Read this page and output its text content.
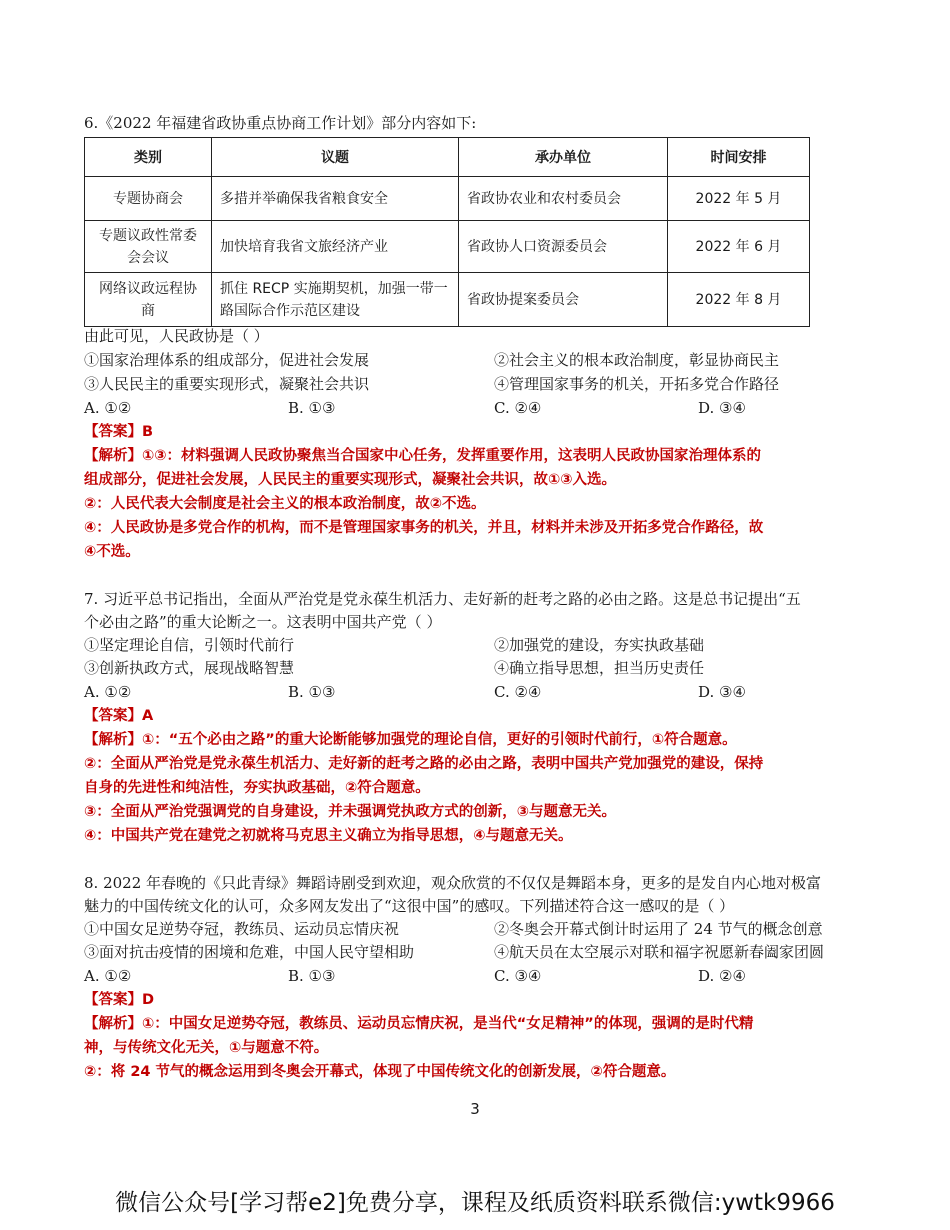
6.《2022 年福建省政协重点协商工作计划》部分内容如下:
类别	议题	承办单位	时间安排
专题协商会	多措并举确保我省粮食安全	省政协农业和农村委员会	2022 年 5 月
专题议政性常委会会议	加快培育我省文旅经济产业	省政协人口资源委员会	2022 年 6 月
网络议政远程协商	抓住 RECP 实施期契机，加强一带一路国际合作示范区建设	省政协提案委员会	2022 年 8 月
由此可见，人民政协是（ ）
①国家治理体系的组成部分，促进社会发展	②社会主义的根本政治制度，彰显协商民主
③人民民主的重要实现形式，凝聚社会共识	④管理国家事务的机关，开拓多党合作路径
A. ①②	B. ①③	C. ②④	D. ③④
【答案】B
【解析】①③：材料强调人民政协聚焦当合国家中心任务，发挥重要作用，这表明人民政协国家治理体系的
组成部分，促进社会发展，人民民主的重要实现形式，凝聚社会共识，故①③入选。
②：人民代表大会制度是社会主义的根本政治制度，故②不选。
④：人民政协是多党合作的机构，而不是管理国家事务的机关，并且，材料并未涉及开拓多党合作路径，故
④不选。
7. 习近平总书记指出，全面从严治党是党永葆生机活力、走好新的赶考之路的必由之路。这是总书记提出“五
个必由之路”的重大论断之一。这表明中国共产党（ ）
①坚定理论自信，引领时代前行	②加强党的建设，夯实执政基础
③创新执政方式，展现战略智慧	④确立指导思想，担当历史责任
A. ①②	B. ①③	C. ②④	D. ③④
【答案】A
【解析】①：“五个必由之路”的重大论断能够加强党的理论自信，更好的引领时代前行，①符合题意。
②：全面从严治党是党永葆生机活力、走好新的赶考之路的必由之路，表明中国共产党加强党的建设，保持
自身的先进性和纯洁性，夯实执政基础，②符合题意。
③：全面从严治党强调党的自身建设，并未强调党执政方式的创新，③与题意无关。
④：中国共产党在建党之初就将马克思主义确立为指导思想，④与题意无关。
8. 2022 年春晚的《只此青绿》舞蹈诗剧受到欢迎，观众欣赏的不仅仅是舞蹈本身，更多的是发自内心地对极富
魅力的中国传统文化的认可，众多网友发出了“这很中国”的感叹。下列描述符合这一感叹的是（ ）
①中国女足逆势夺冠，教练员、运动员忘情庆祝	②冬奥会开幕式倒计时运用了 24 节气的概念创意
③面对抗击疫情的困境和危难，中国人民守望相助	④航天员在太空展示对联和福字祝愿新春阖家团圆
A. ①②	B. ①③	C. ③④	D. ②④
【答案】D
【解析】①：中国女足逆势夺冠，教练员、运动员忘情庆祝，是当代“女足精神”的体现，强调的是时代精
神，与传统文化无关，①与题意不符。
②：将 24 节气的概念运用到冬奥会开幕式，体现了中国传统文化的创新发展，②符合题意。
3
微信公众号[学习帮e2]免费分享，课程及纸质资料联系微信:ywtk9966
